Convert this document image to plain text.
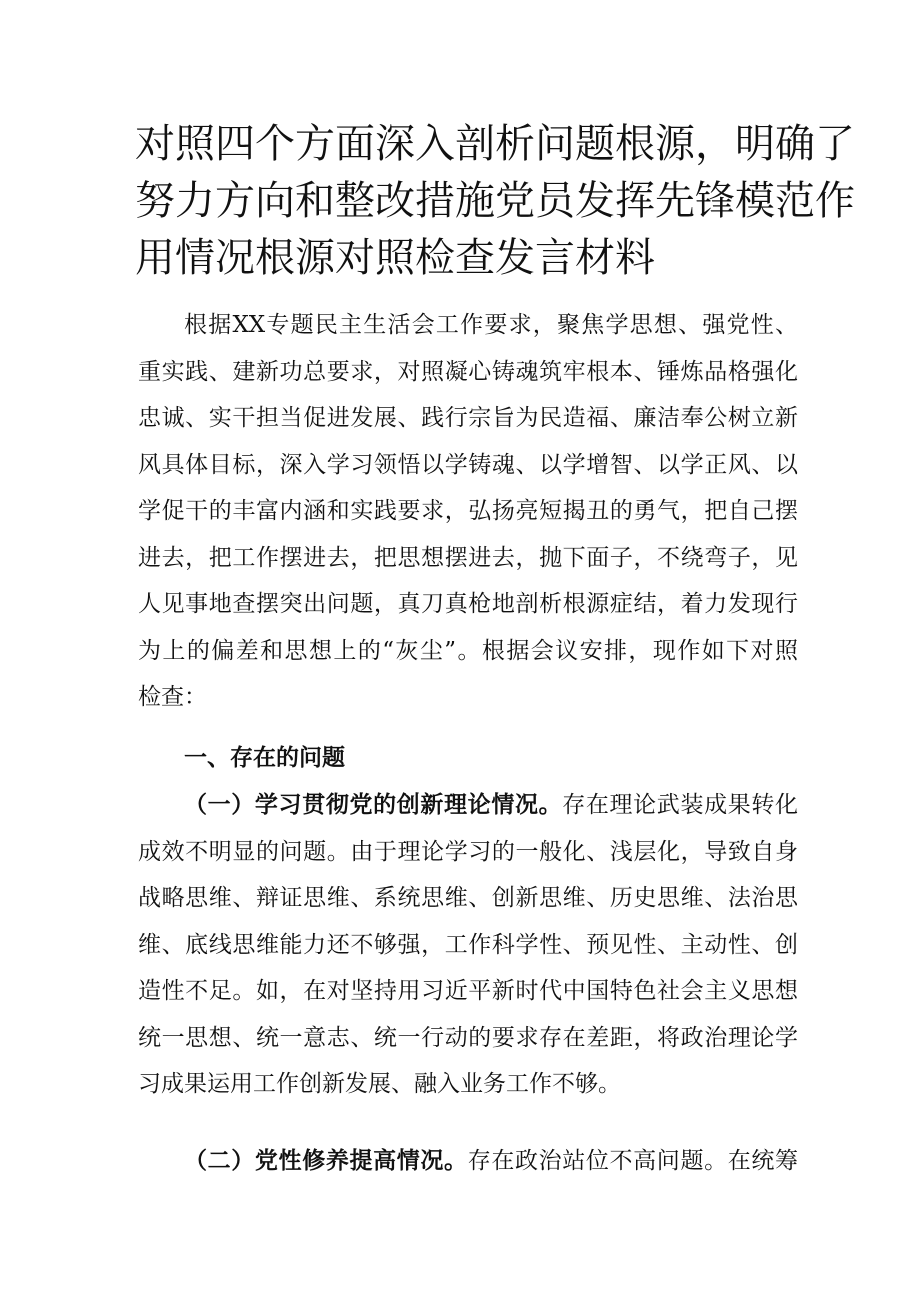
对照四个方面深入剖析问题根源，明确了
努力方向和整改措施党员发挥先锋模范作
用情况根源对照检查发言材料
根据XX专题民主生活会工作要求，聚焦学思想、强党性、
重实践、建新功总要求，对照凝心铸魂筑牢根本、锤炼品格强化
忠诚、实干担当促进发展、践行宗旨为民造福、廉洁奉公树立新
风具体目标，深入学习领悟以学铸魂、以学增智、以学正风、以
学促干的丰富内涵和实践要求，弘扬亮短揭丑的勇气，把自己摆
进去，把工作摆进去，把思想摆进去，抛下面子，不绕弯子，见
人见事地查摆突出问题，真刀真枪地剖析根源症结，着力发现行
为上的偏差和思想上的“灰尘”。根据会议安排，现作如下对照
检查：
一、存在的问题
（一）学习贯彻党的创新理论情况。存在理论武装成果转化
成效不明显的问题。由于理论学习的一般化、浅层化，导致自身
战略思维、辩证思维、系统思维、创新思维、历史思维、法治思
维、底线思维能力还不够强，工作科学性、预见性、主动性、创
造性不足。如，在对坚持用习近平新时代中国特色社会主义思想
统一思想、统一意志、统一行动的要求存在差距，将政治理论学
习成果运用工作创新发展、融入业务工作不够。
（二）党性修养提高情况。存在政治站位不高问题。在统筹
